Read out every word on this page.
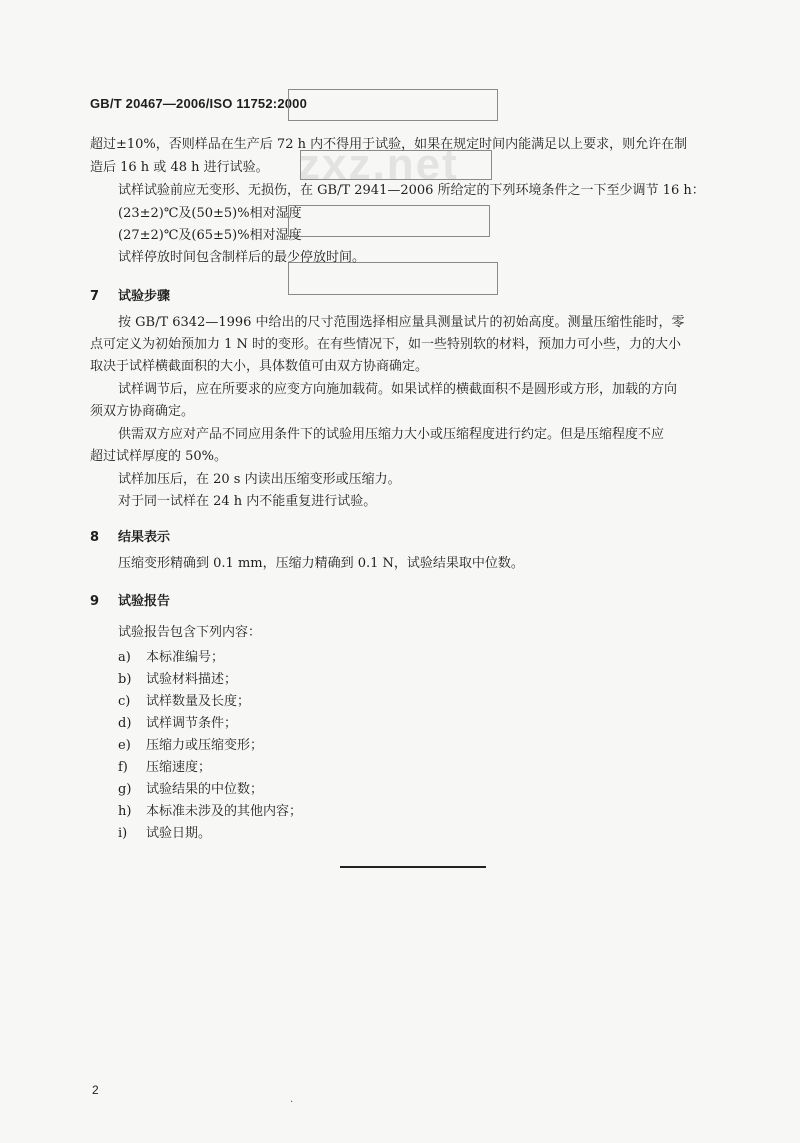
GB/T 20467—2006/ISO 11752:2000
zxz.net
超过±10%，否则样品在生产后 72 h 内不得用于试验，如果在规定时间内能满足以上要求，则允许在制
造后 16 h 或 48 h 进行试验。
试样试验前应无变形、无损伤，在 GB/T 2941—2006 所给定的下列环境条件之一下至少调节 16 h：
(23±2)℃及(50±5)%相对湿度
(27±2)℃及(65±5)%相对湿度
试样停放时间包含制样后的最少停放时间。
7 试验步骤
按 GB/T 6342—1996 中给出的尺寸范围选择相应量具测量试片的初始高度。测量压缩性能时，零
点可定义为初始预加力 1 N 时的变形。在有些情况下，如一些特别软的材料，预加力可小些，力的大小
取决于试样横截面积的大小，具体数值可由双方协商确定。
试样调节后，应在所要求的应变方向施加载荷。如果试样的横截面积不是圆形或方形，加载的方向
须双方协商确定。
供需双方应对产品不同应用条件下的试验用压缩力大小或压缩程度进行约定。但是压缩程度不应
超过试样厚度的 50%。
试样加压后，在 20 s 内读出压缩变形或压缩力。
对于同一试样在 24 h 内不能重复进行试验。
8 结果表示
压缩变形精确到 0.1 mm，压缩力精确到 0.1 N，试验结果取中位数。
9 试验报告
试验报告包含下列内容：
a) 本标准编号；
b) 试验材料描述；
c) 试样数量及长度；
d) 试样调节条件；
e) 压缩力或压缩变形；
f) 压缩速度；
g) 试验结果的中位数；
h) 本标准未涉及的其他内容；
i) 试验日期。
2
.
